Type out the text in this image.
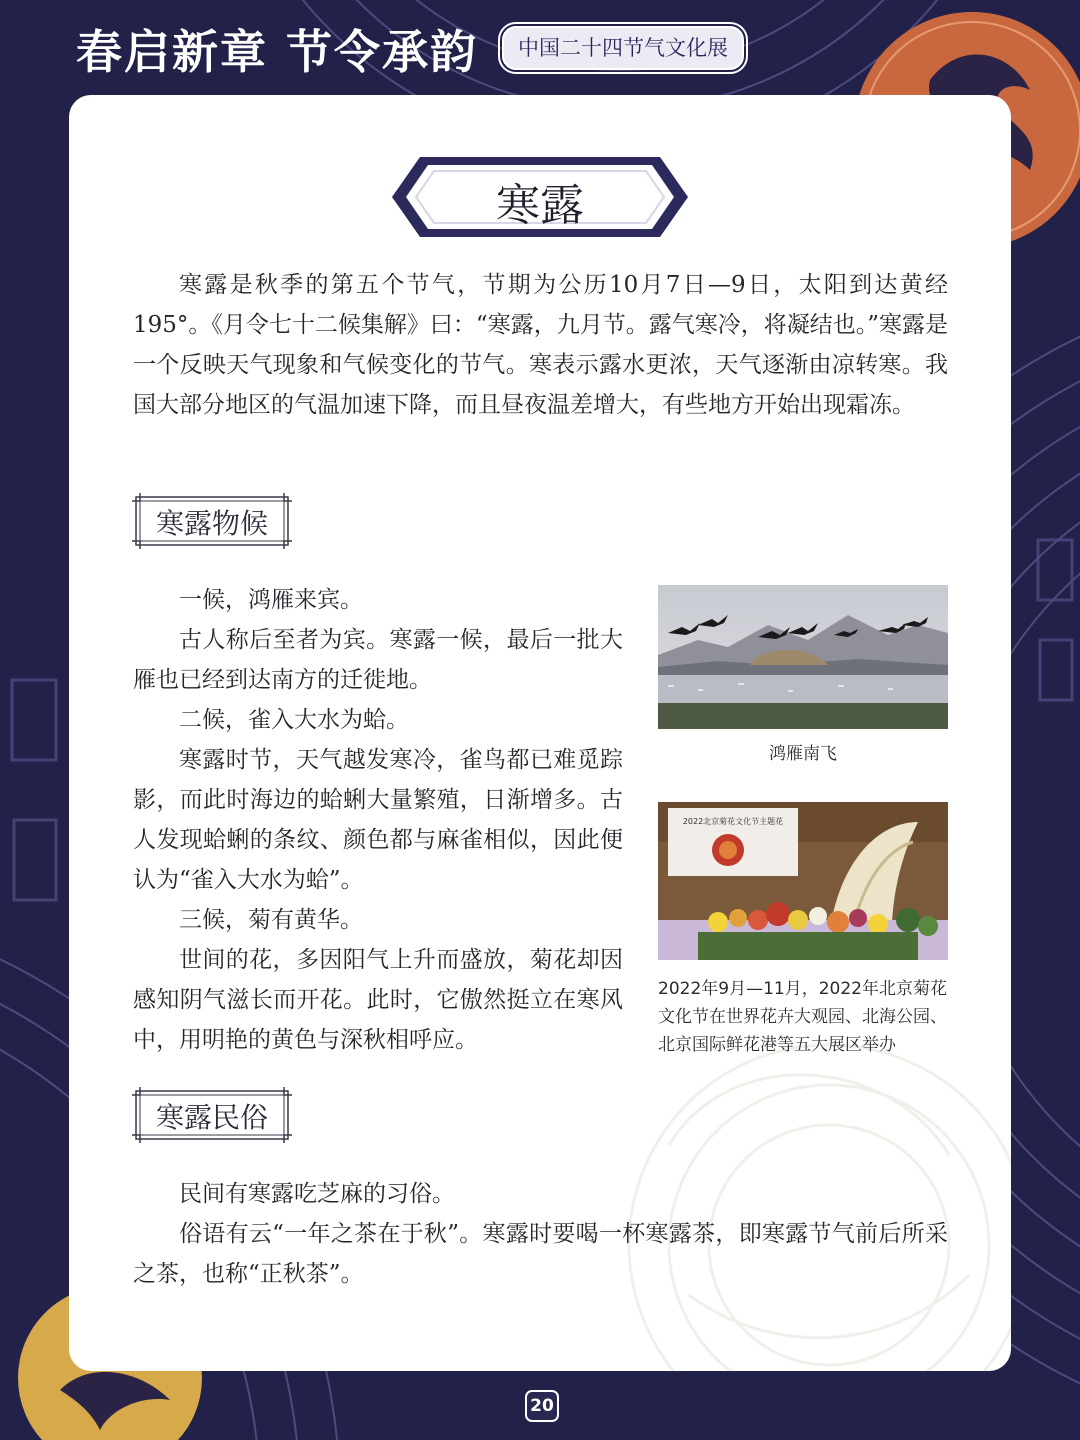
春启新章 节令承韵	中国二十四节气文化展
寒露

寒露是秋季的第五个节气，节期为公历10月7日—9日，太阳到达黄经195°。《月令七十二候集解》曰：“寒露，九月节。露气寒冷，将凝结也。”寒露是一个反映天气现象和气候变化的节气。寒表示露水更浓，天气逐渐由凉转寒。我国大部分地区的气温加速下降，而且昼夜温差增大，有些地方开始出现霜冻。

寒露物候

一候，鸿雁来宾。

古人称后至者为宾。寒露一候，最后一批大雁也已经到达南方的迁徙地。

二候，雀入大水为蛤。

寒露时节，天气越发寒冷，雀鸟都已难觅踪影，而此时海边的蛤蜊大量繁殖，日渐增多。古人发现蛤蜊的条纹、颜色都与麻雀相似，因此便认为“雀入大水为蛤”。

三候，菊有黄华。

世间的花，多因阳气上升而盛放，菊花却因感知阴气滋长而开花。此时，它傲然挺立在寒风中，用明艳的黄色与深秋相呼应。

鸿雁南飞

2022北京菊花文化节主题花

2022年9月—11月，2022年北京菊花文化节在世界花卉大观园、北海公园、北京国际鲜花港等五大展区举办

寒露民俗

民间有寒露吃芝麻的习俗。

俗语有云“一年之茶在于秋”。寒露时要喝一杯寒露茶，即寒露节气前后所采之茶，也称“正秋茶”。

20
